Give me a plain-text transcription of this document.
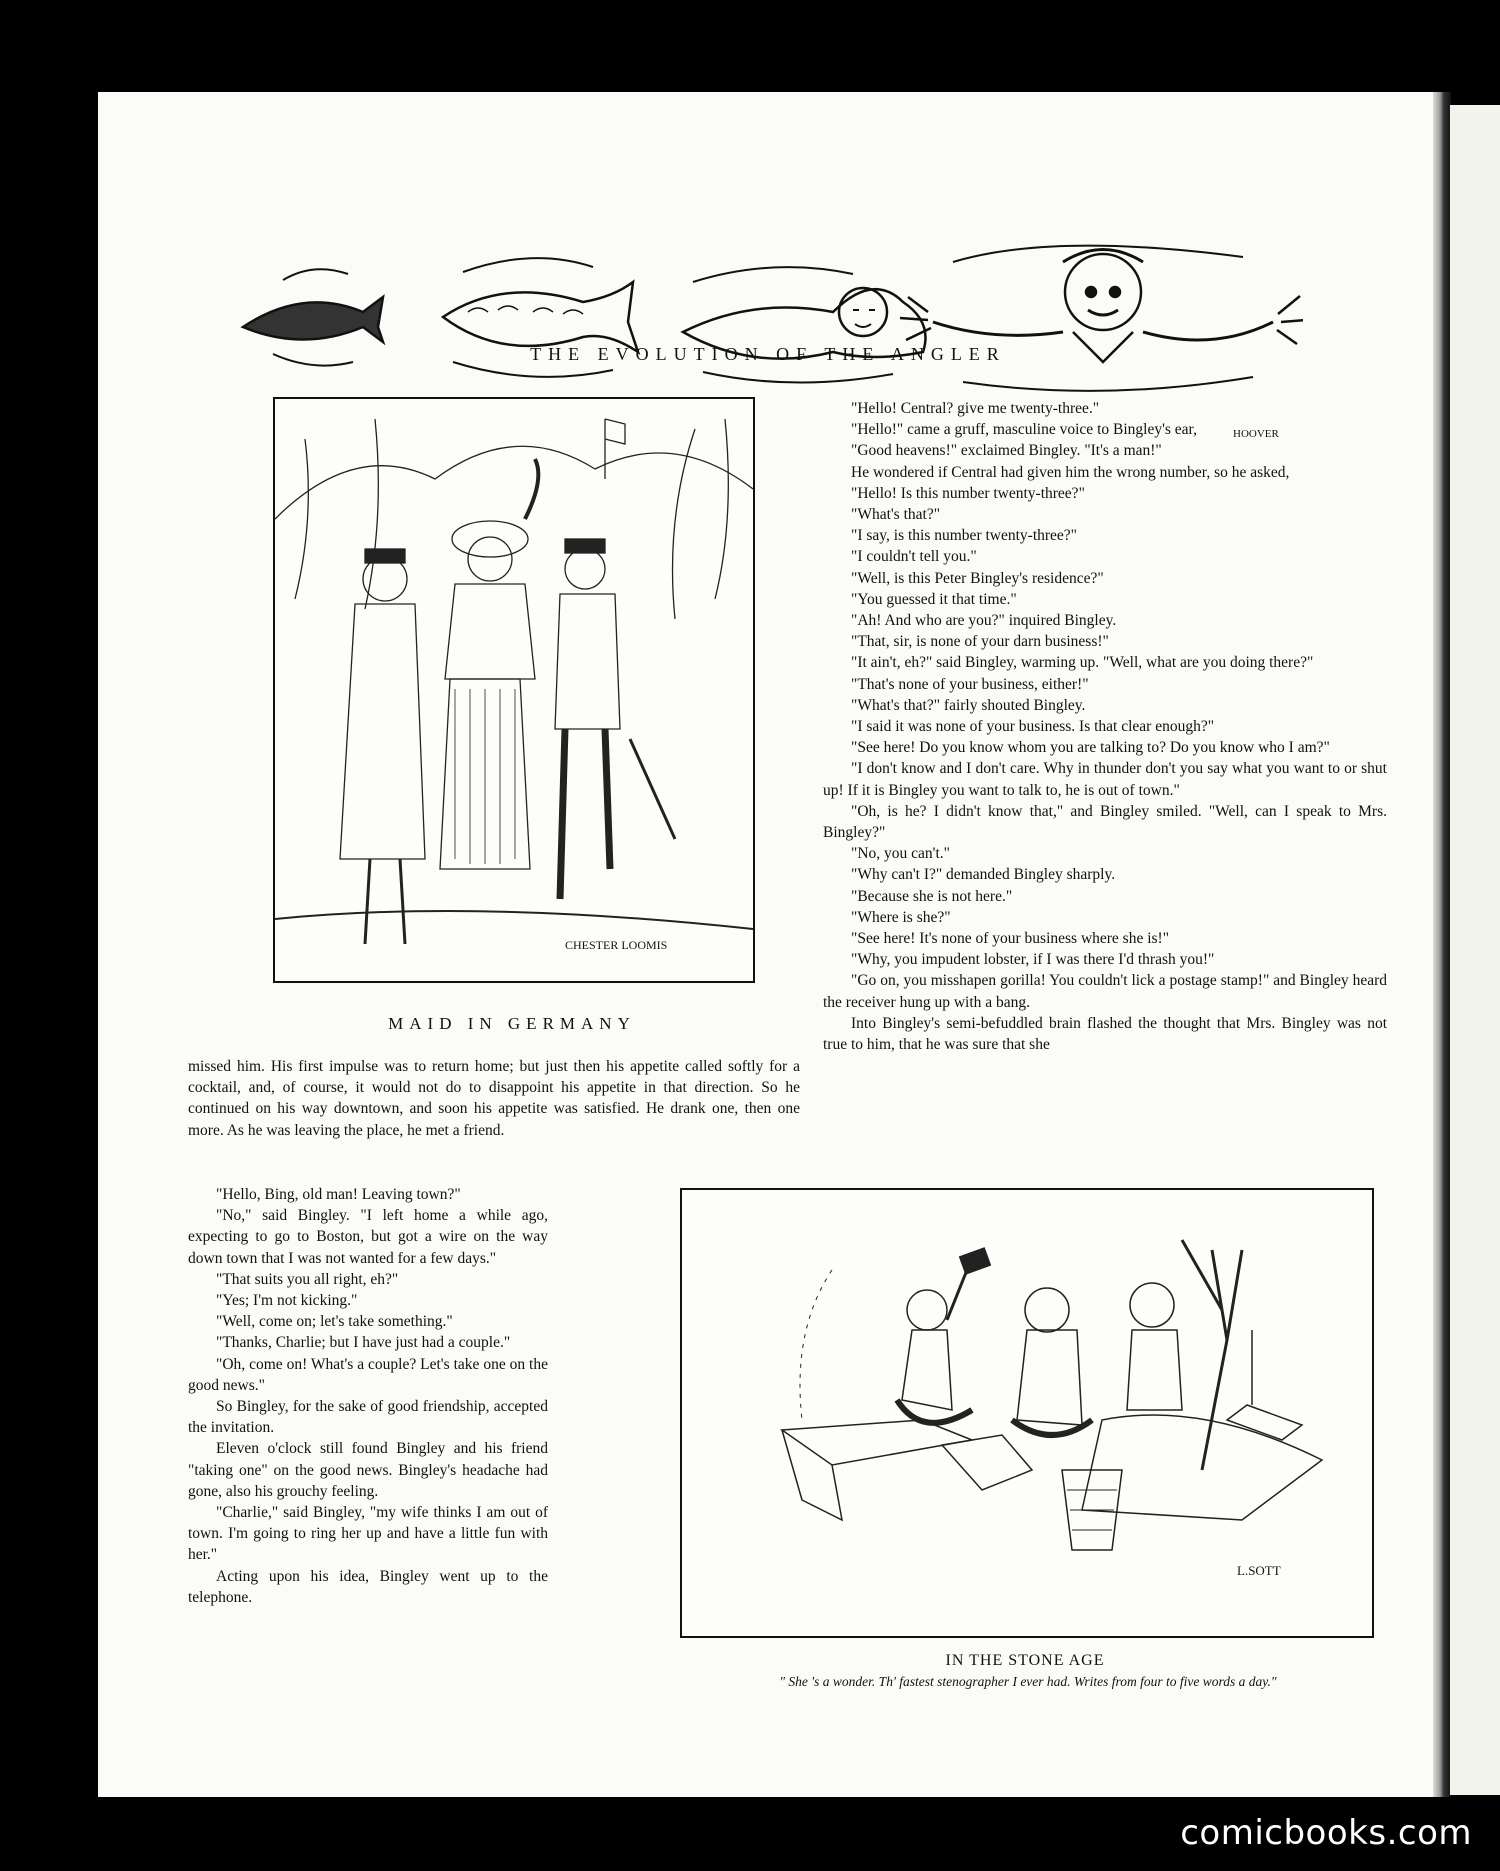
HOOVER
THE EVOLUTION OF THE ANGLER
CHESTER LOOMIS
MAID IN GERMANY

missed him. His first impulse was to return home; but just then his appetite called softly for a cocktail, and, of course, it would not do to disappoint his appetite in that direction. So he continued on his way downtown, and soon his appetite was satisfied. He drank one, then one more. As he was leaving the place, he met a friend.

"Hello, Bing, old man! Leaving town?"

"No," said Bingley. "I left home a while ago, expecting to go to Boston, but got a wire on the way down town that I was not wanted for a few days."

"That suits you all right, eh?"

"Yes; I'm not kicking."

"Well, come on; let's take something."

"Thanks, Charlie; but I have just had a couple."

"Oh, come on! What's a couple? Let's take one on the good news."

So Bingley, for the sake of good friendship, accepted the invitation.

Eleven o'clock still found Bingley and his friend "taking one" on the good news. Bingley's headache had gone, also his grouchy feeling.

"Charlie," said Bingley, "my wife thinks I am out of town. I'm going to ring her up and have a little fun with her."

Acting upon his idea, Bingley went up to the telephone.

"Hello! Central? give me twenty-three."

"Hello!" came a gruff, masculine voice to Bingley's ear,

"Good heavens!" exclaimed Bingley. "It's a man!"

He wondered if Central had given him the wrong number, so he asked,

"Hello! Is this number twenty-three?"

"What's that?"

"I say, is this number twenty-three?"

"I couldn't tell you."

"Well, is this Peter Bingley's residence?"

"You guessed it that time."

"Ah! And who are you?" inquired Bingley.

"That, sir, is none of your darn business!"

"It ain't, eh?" said Bingley, warming up. "Well, what are you doing there?"

"That's none of your business, either!"

"What's that?" fairly shouted Bingley.

"I said it was none of your business. Is that clear enough?"

"See here! Do you know whom you are talking to? Do you know who I am?"

"I don't know and I don't care. Why in thunder don't you say what you want to or shut up! If it is Bingley you want to talk to, he is out of town."

"Oh, is he? I didn't know that," and Bingley smiled. "Well, can I speak to Mrs. Bingley?"

"No, you can't."

"Why can't I?" demanded Bingley sharply.

"Because she is not here."

"Where is she?"

"See here! It's none of your business where she is!"

"Why, you impudent lobster, if I was there I'd thrash you!"

"Go on, you misshapen gorilla! You couldn't lick a postage stamp!" and Bingley heard the receiver hung up with a bang.

Into Bingley's semi-befuddled brain flashed the thought that Mrs. Bingley was not true to him, that he was sure that she

L.SOTT
IN THE STONE AGE
" She 's a wonder. Th' fastest stenographer I ever had. Writes from four to five words a day."
comicbooks.com
